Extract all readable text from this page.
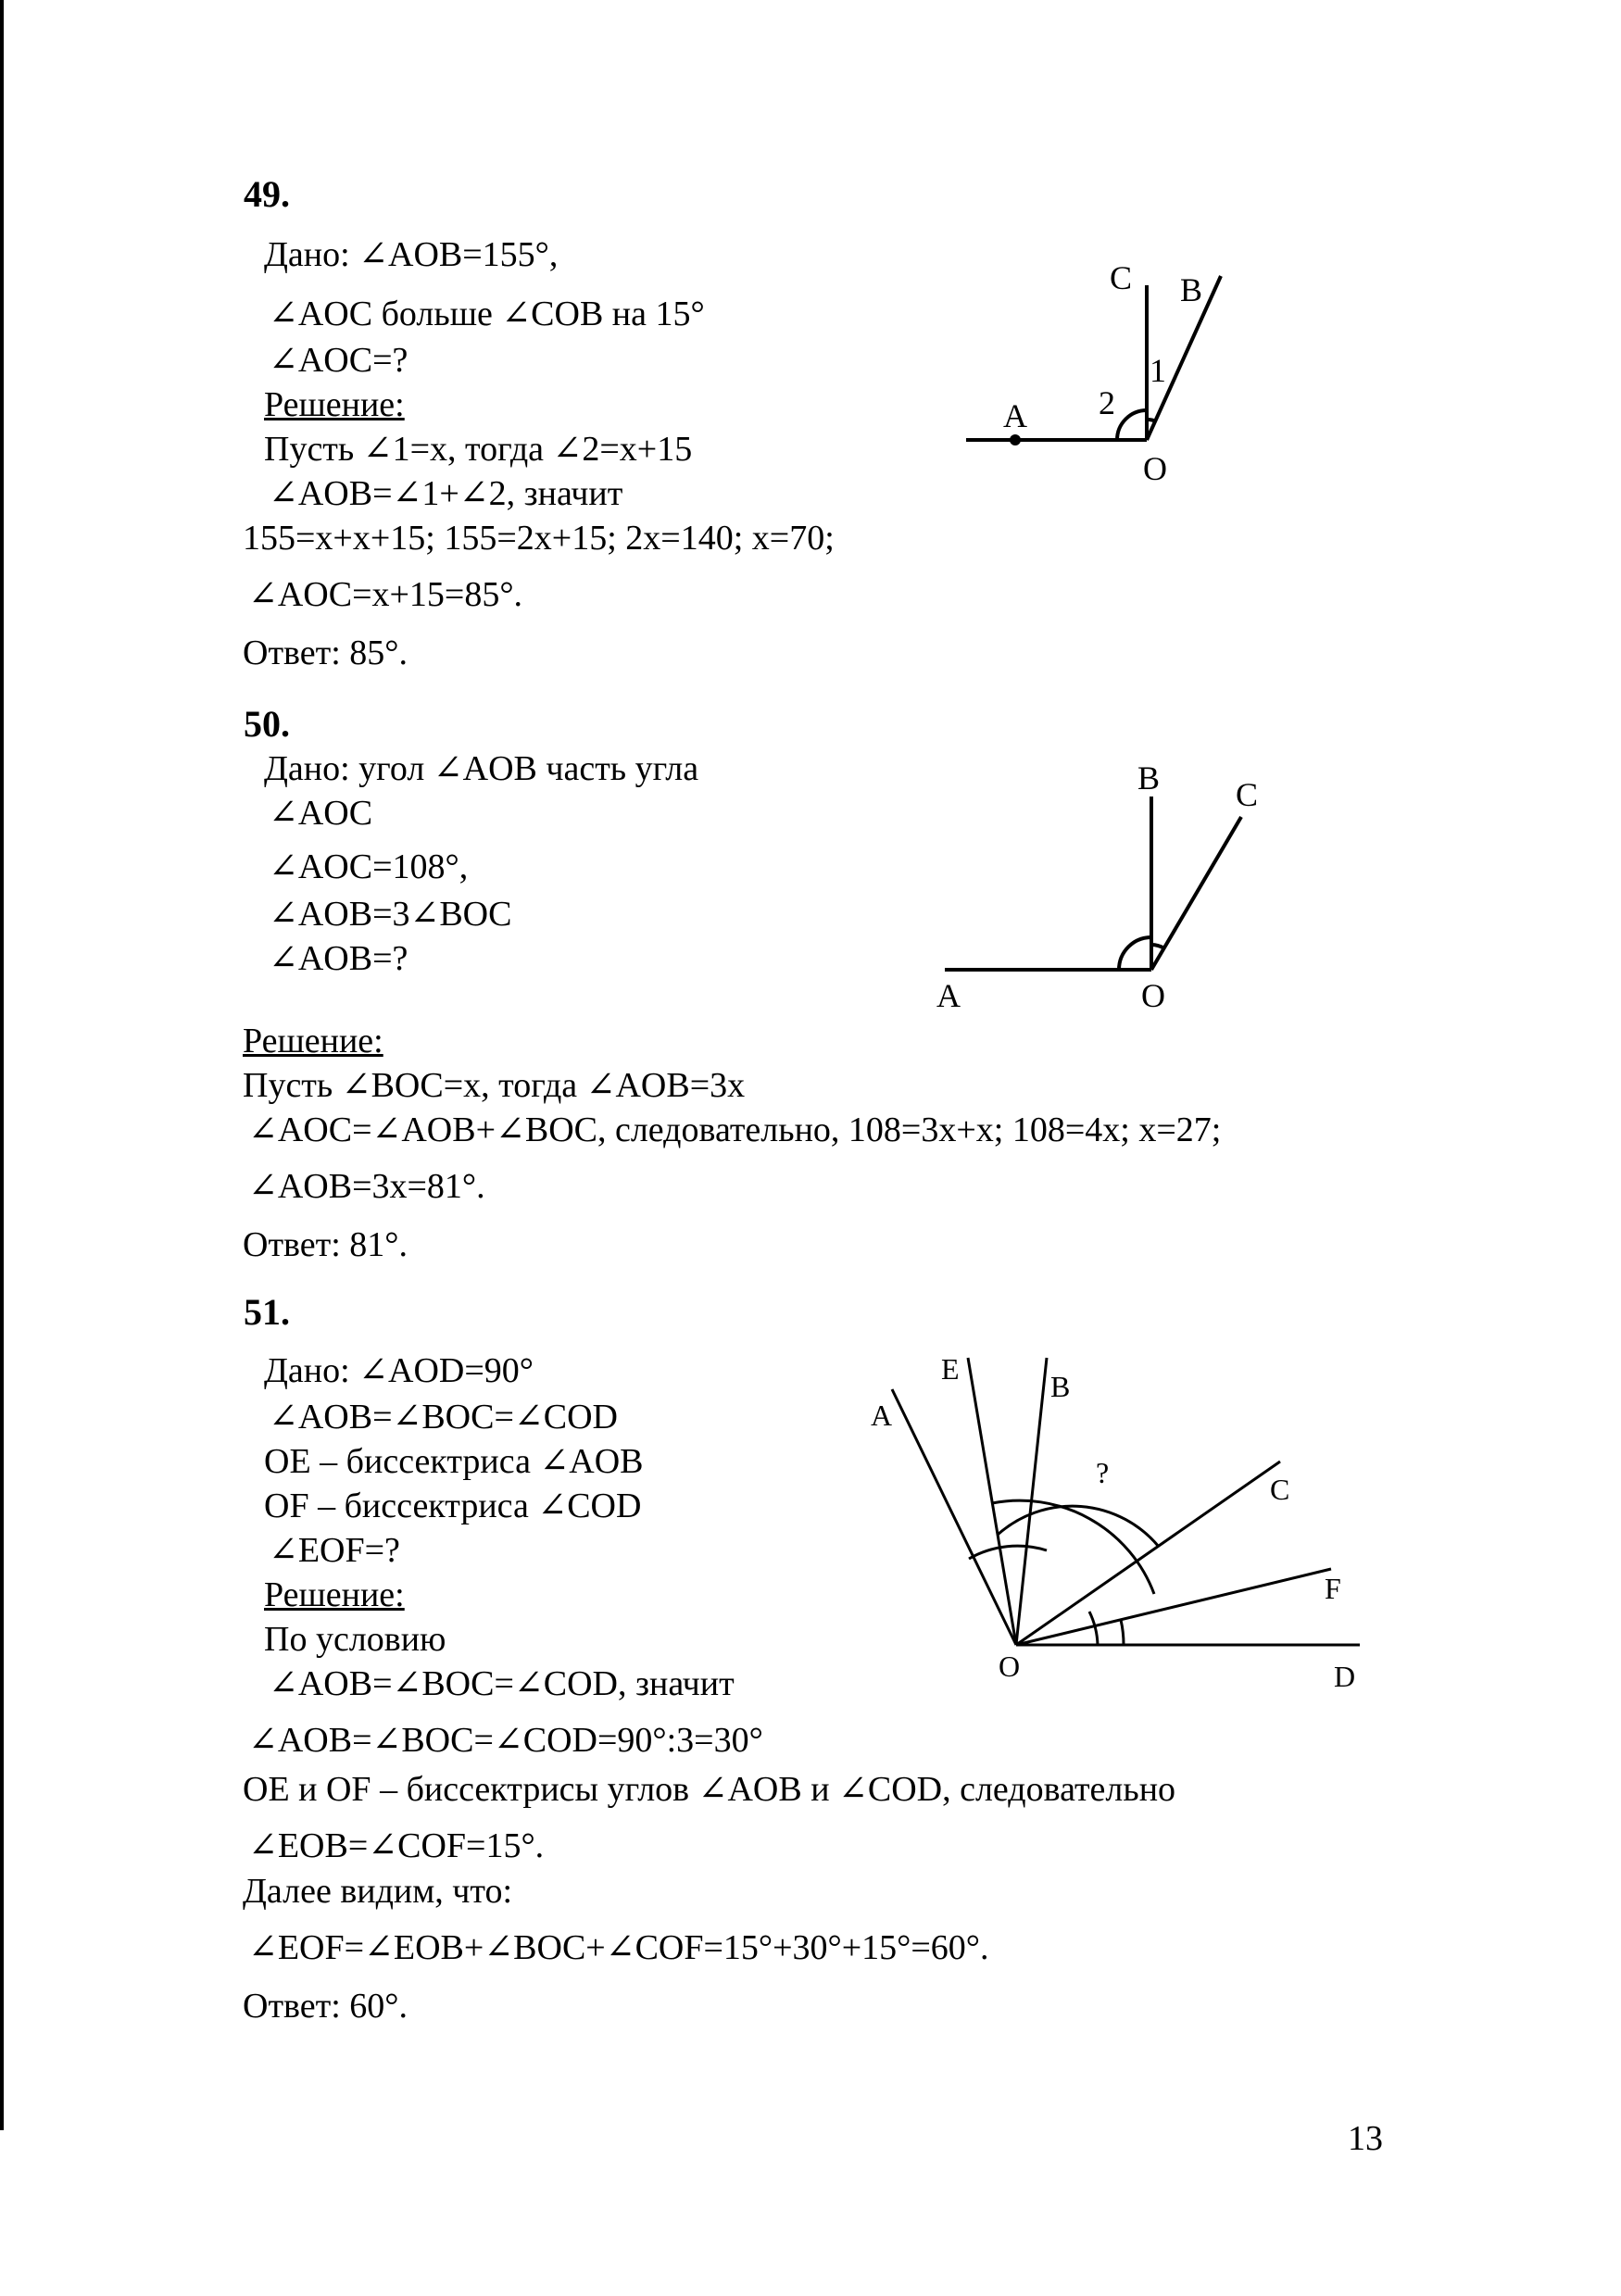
49.
Дано: ∠AOB=155°,
∠AOC больше ∠COB на 15°
∠AOC=?
Решение:
Пусть ∠1=x, тогда ∠2=x+15
∠AOB=∠1+∠2, значит
155=x+x+15; 155=2x+15; 2x=140; x=70;
∠AOC=x+15=85°.
Ответ: 85°.
C B
1
2
A
O
50.
Дано: угол ∠AOB часть угла
∠AOC
∠AOC=108°,
∠AOB=3∠BOC
∠AOB=?
Решение:
Пусть ∠BOC=x, тогда ∠AOB=3x
∠AOC=∠AOB+∠BOC, следовательно, 108=3x+x; 108=4x; x=27;
∠AOB=3x=81°.
Ответ: 81°.
B C
A	O
51.
Дано: ∠AOD=90°
∠AOB=∠BOC=∠COD
OE – биссектриса ∠AOB
OF – биссектриса ∠COD
∠EOF=?
Решение:
По условию
∠AOB=∠BOC=∠COD, значит
∠AOB=∠BOC=∠COD=90°:3=30°
OE и OF – биссектрисы углов ∠AOB и ∠COD, следовательно
∠EOB=∠COF=15°.
Далее видим, что:
∠EOF=∠EOB+∠BOC+∠COF=15°+30°+15°=60°.
Ответ: 60°.
E
B
A
?	C
F
O	D
13
